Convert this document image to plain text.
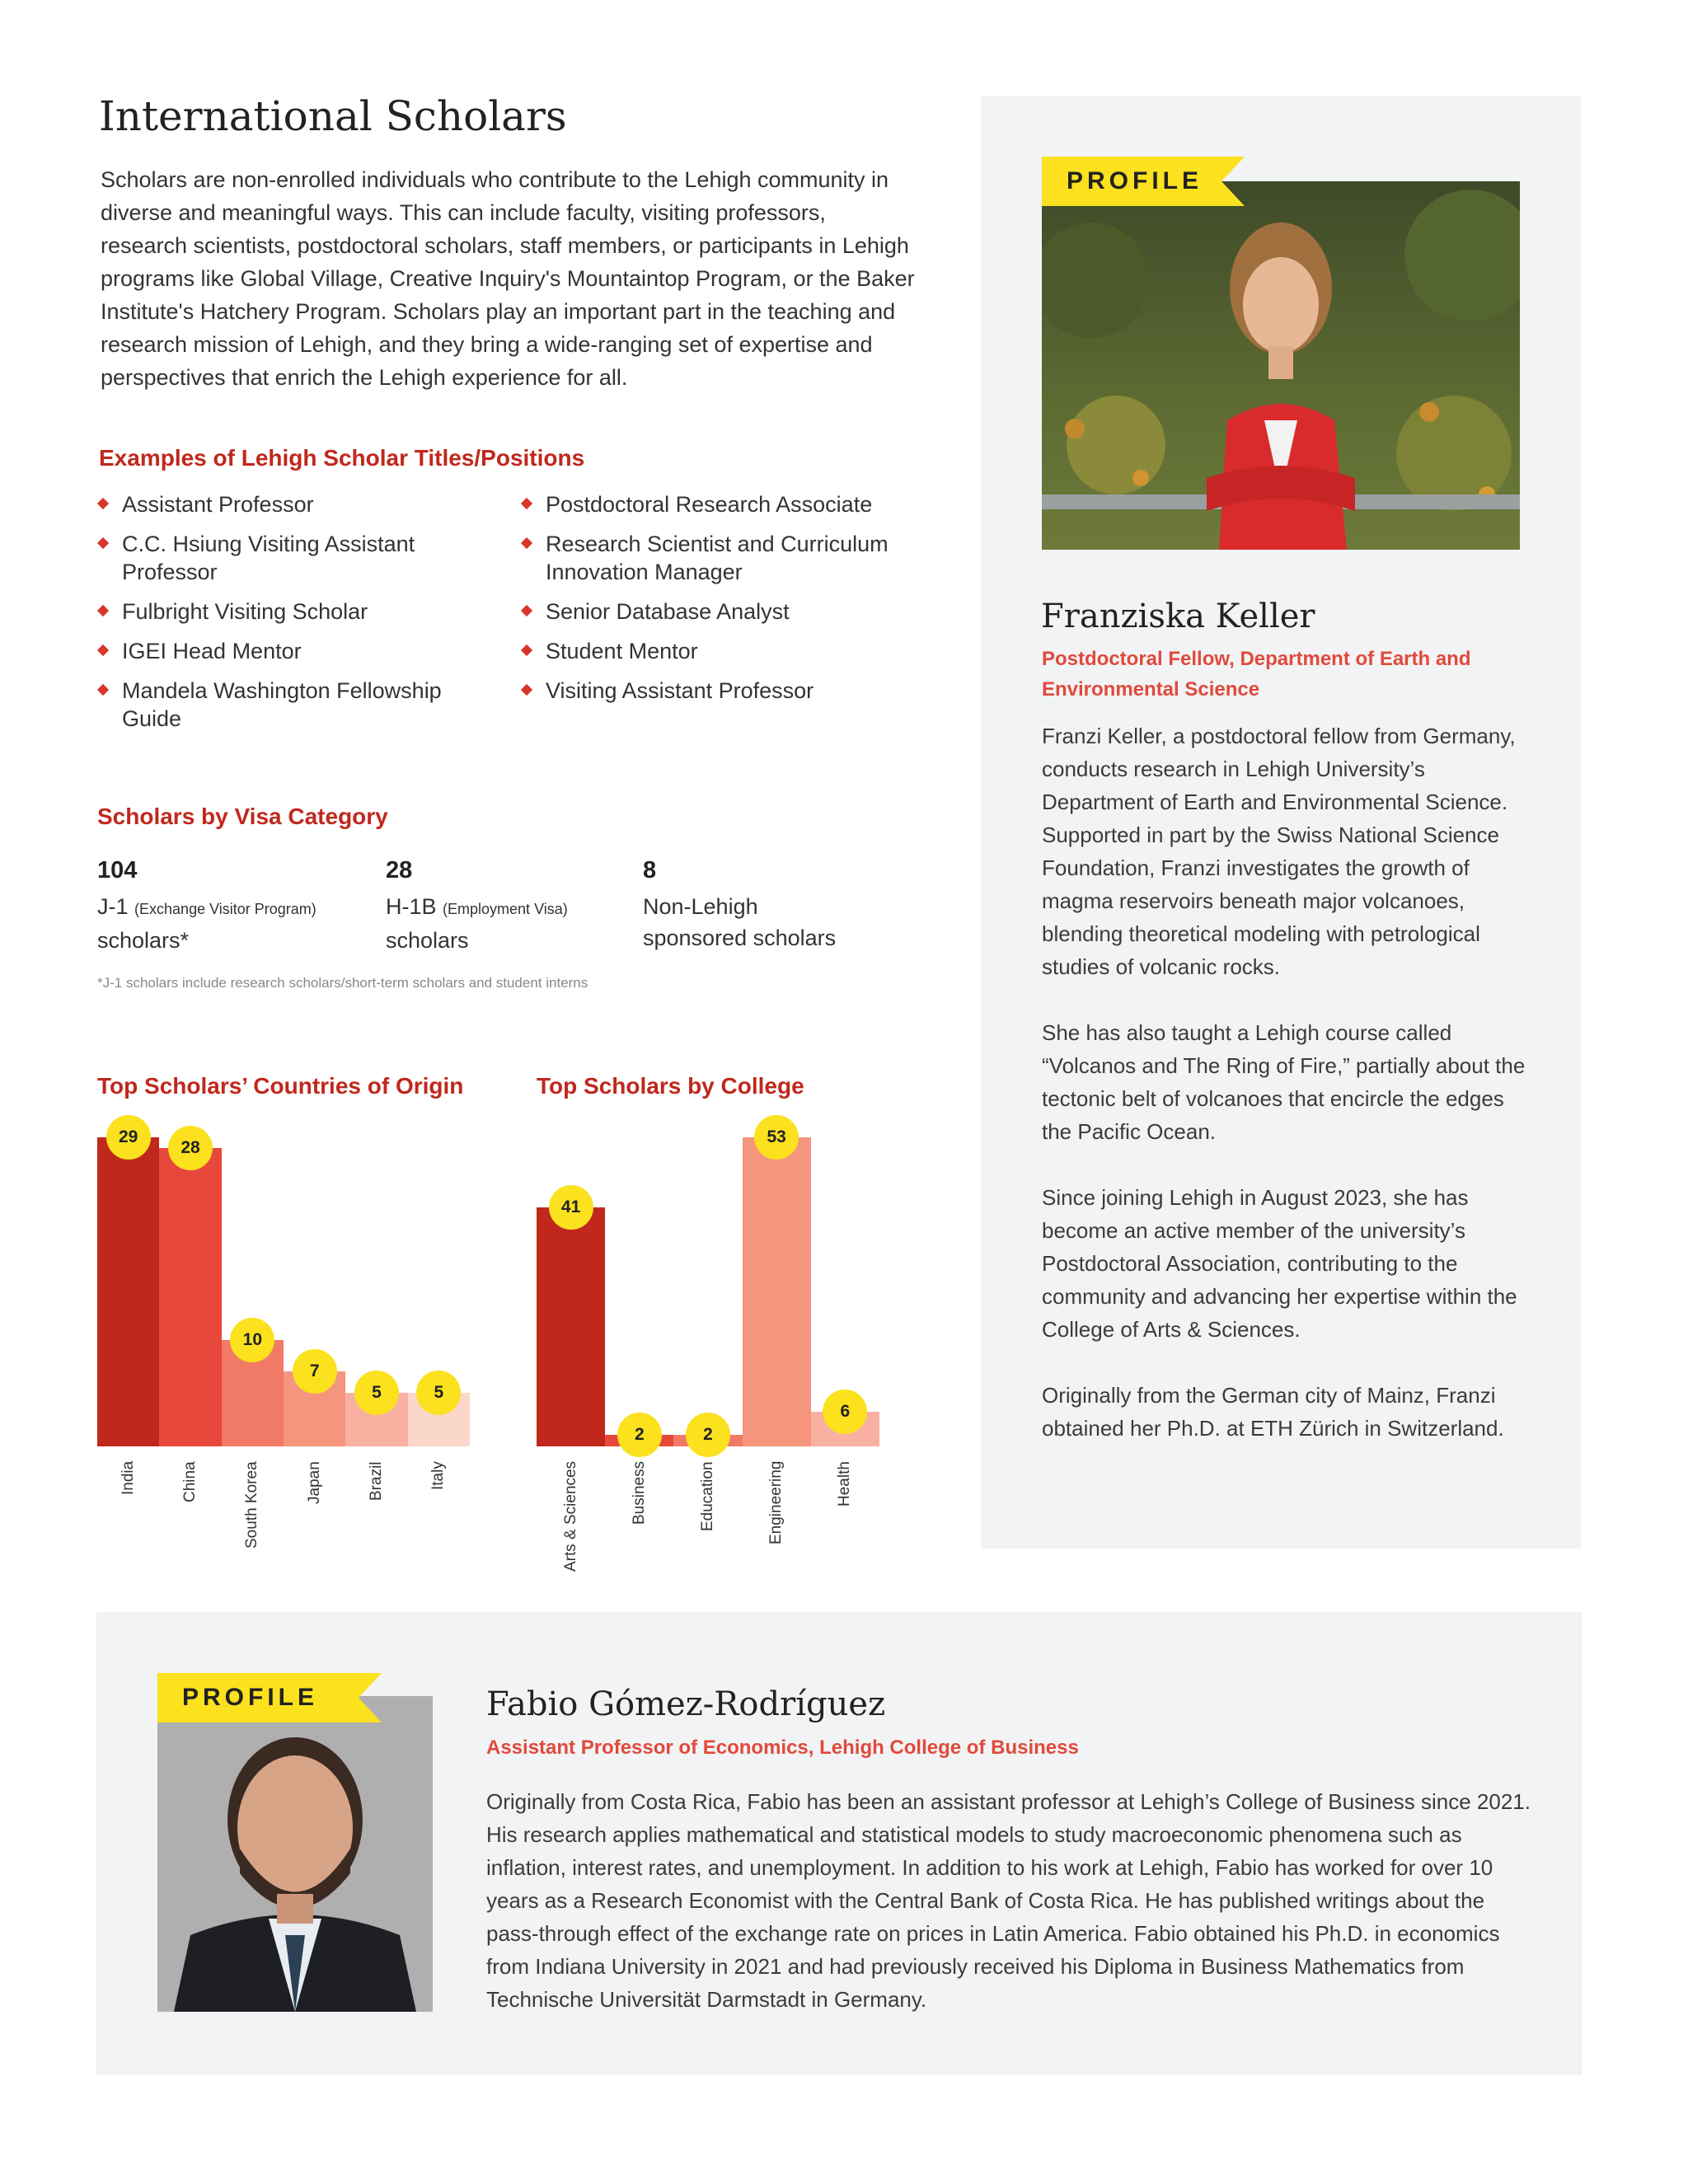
International Scholars
Scholars are non-enrolled individuals who contribute to the Lehigh community in diverse and meaningful ways. This can include faculty, visiting professors, research scientists, postdoctoral scholars, staff members, or participants in Lehigh programs like Global Village, Creative Inquiry's Mountaintop Program, or the Baker Institute's Hatchery Program. Scholars play an important part in the teaching and research mission of Lehigh, and they bring a wide-ranging set of expertise and perspectives that enrich the Lehigh experience for all.
Examples of Lehigh Scholar Titles/Positions
Assistant Professor
C.C. Hsiung Visiting Assistant Professor
Fulbright Visiting Scholar
IGEI Head Mentor
Mandela Washington Fellowship Guide
Postdoctoral Research Associate
Research Scientist and Curriculum Innovation Manager
Senior Database Analyst
Student Mentor
Visiting Assistant Professor
Scholars by Visa Category
104
J-1 (Exchange Visitor Program)
scholars*
28
H-1B (Employment Visa)
scholars
8
Non-Lehigh
sponsored scholars
*J-1 scholars include research scholars/short-term scholars and student interns
Top Scholars’ Countries of Origin
29
India
28
China
10
South Korea
7
Japan
5
Brazil
5
Italy
Top Scholars by College
41
Arts & Sciences
2
Business
2
Education
53
Engineering
6
Health
PROFILE
Franziska Keller
Postdoctoral Fellow, Department of Earth and Environmental Science

Franzi Keller, a postdoctoral fellow from Germany, conducts research in Lehigh University’s Department of Earth and Environmental Science. Supported in part by the Swiss National Science Foundation, Franzi investigates the growth of magma reservoirs beneath major volcanoes, blending theoretical modeling with petrological studies of volcanic rocks.

She has also taught a Lehigh course called “Volcanos and The Ring of Fire,” partially about the tectonic belt of volcanoes that encircle the edges the Pacific Ocean.

Since joining Lehigh in August 2023, she has become an active member of the university’s Postdoctoral Association, contributing to the community and advancing her expertise within the College of Arts & Sciences.

Originally from the German city of Mainz, Franzi obtained her Ph.D. at ETH Zürich in Switzerland.

PROFILE	Fabio Gómez-Rodríguez
Assistant Professor of Economics, Lehigh College of Business
Originally from Costa Rica, Fabio has been an assistant professor at Lehigh’s College of Business since 2021. His research applies mathematical and statistical models to study macroeconomic phenomena such as inflation, interest rates, and unemployment. In addition to his work at Lehigh, Fabio has worked for over 10 years as a Research Economist with the Central Bank of Costa Rica. He has published writings about the pass-through effect of the exchange rate on prices in Latin America. Fabio obtained his Ph.D. in economics from Indiana University in 2021 and had previously received his Diploma in Business Mathematics from Technische Universität Darmstadt in Germany.
